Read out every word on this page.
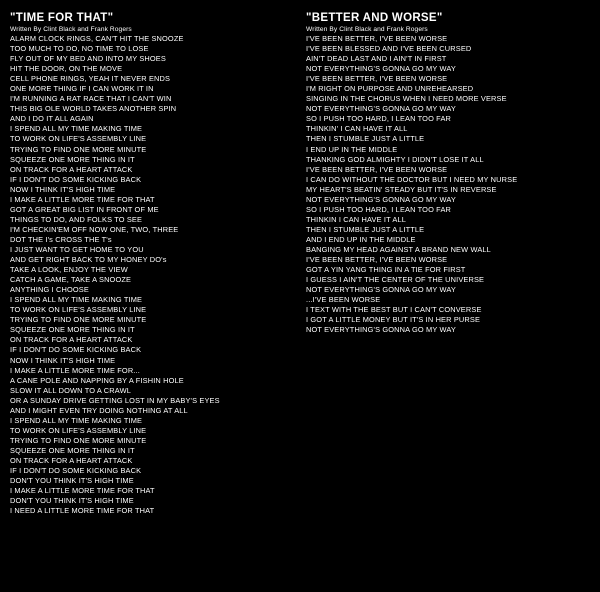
"TIME FOR THAT"

Written By Clint Black and Frank Rogers

ALARM CLOCK RINGS, CAN'T HIT THE SNOOZE
TOO MUCH TO DO, NO TIME TO LOSE
FLY OUT OF MY BED AND INTO MY SHOES
HIT THE DOOR, ON THE MOVE
CELL PHONE RINGS, YEAH IT NEVER ENDS
ONE MORE THING IF I CAN WORK IT IN
I'M RUNNING A RAT RACE THAT I CAN'T WIN
THIS BIG OLE WORLD TAKES ANOTHER SPIN
AND I DO IT ALL AGAIN
I SPEND ALL MY TIME MAKING TIME
TO WORK ON LIFE'S ASSEMBLY LINE
TRYING TO FIND ONE MORE MINUTE
SQUEEZE ONE MORE THING IN IT
ON TRACK FOR A HEART ATTACK
IF I DON'T DO SOME KICKING BACK
NOW I THINK IT'S HIGH TIME
I MAKE A LITTLE MORE TIME FOR THAT
GOT A GREAT BIG LIST IN FRONT OF ME
THINGS TO DO, AND FOLKS TO SEE
I'M CHECKIN'EM OFF NOW ONE, TWO, THREE
DOT THE I's CROSS THE T's
I JUST WANT TO GET HOME TO YOU
AND GET RIGHT BACK TO MY HONEY DO's
TAKE A LOOK, ENJOY THE VIEW
CATCH A GAME, TAKE A SNOOZE
ANYTHING I CHOOSE
I SPEND ALL MY TIME MAKING TIME
TO WORK ON LIFE'S ASSEMBLY LINE
TRYING TO FIND ONE MORE MINUTE
SQUEEZE ONE MORE THING IN IT
ON TRACK FOR A HEART ATTACK
IF I DON'T DO SOME KICKING BACK
NOW I THINK IT'S HIGH TIME
I MAKE A LITTLE MORE TIME FOR...
A CANE POLE AND NAPPING BY A FISHIN HOLE
SLOW IT ALL DOWN TO A CRAWL
OR A SUNDAY DRIVE GETTING LOST IN MY BABY'S EYES
AND I MIGHT EVEN TRY DOING NOTHING AT ALL
I SPEND ALL MY TIME MAKING TIME
TO WORK ON LIFE'S ASSEMBLY LINE
TRYING TO FIND ONE MORE MINUTE
SQUEEZE ONE MORE THING IN IT
ON TRACK FOR A HEART ATTACK
IF I DON'T DO SOME KICKING BACK
DON'T YOU THINK IT'S HIGH TIME
I MAKE A LITTLE MORE TIME FOR THAT
DON'T YOU THINK IT'S HIGH TIME
I NEED A LITTLE MORE TIME FOR THAT
"BETTER AND WORSE"

Written By Clint Black and Frank Rogers

I'VE BEEN BETTER, I'VE BEEN WORSE
I'VE BEEN BLESSED AND I'VE BEEN CURSED
AIN'T DEAD LAST AND I AIN'T IN FIRST
NOT EVERYTHING'S GONNA GO MY WAY
I'VE BEEN BETTER, I'VE BEEN WORSE
I'M RIGHT ON PURPOSE AND UNREHEARSED
SINGING IN THE CHORUS WHEN I NEED MORE VERSE
NOT EVERYTHING'S GONNA GO MY WAY
SO I PUSH TOO HARD, I LEAN TOO FAR
THINKIN' I CAN HAVE IT ALL
THEN I STUMBLE JUST A LITTLE
I END UP IN THE MIDDLE
THANKING GOD ALMIGHTY I DIDN'T LOSE IT ALL
I'VE BEEN BETTER, I'VE BEEN WORSE
I CAN DO WITHOUT THE DOCTOR BUT I NEED MY NURSE
MY HEART'S BEATIN' STEADY BUT IT'S IN REVERSE
NOT EVERYTHING'S GONNA GO MY WAY
SO I PUSH TOO HARD, I LEAN TOO FAR
THINKIN I CAN HAVE IT ALL
THEN I STUMBLE JUST A LITTLE
AND I END UP IN THE MIDDLE
BANGING MY HEAD AGAINST A BRAND NEW WALL
I'VE BEEN BETTER, I'VE BEEN WORSE
GOT A YIN YANG THING IN A TIE FOR FIRST
I GUESS I AIN'T THE CENTER OF THE UNIVERSE
NOT EVERYTHING'S GONNA GO MY WAY
...I'VE BEEN WORSE
I TEXT WITH THE BEST BUT I CAN'T CONVERSE
I GOT A LITTLE MONEY BUT IT'S IN HER PURSE
NOT EVERYTHING'S GONNA GO MY WAY
